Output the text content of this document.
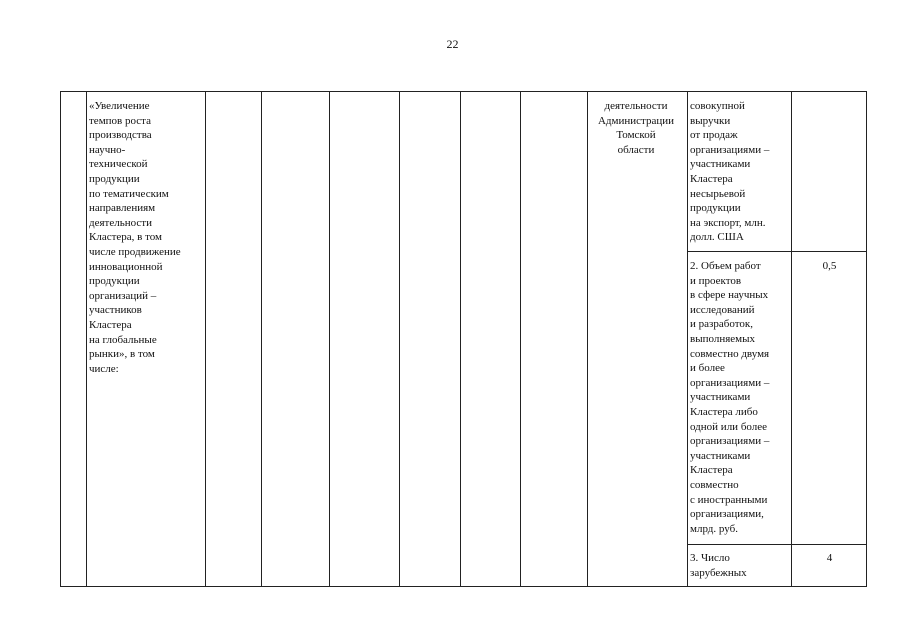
22
«Увеличение
темпов роста
производства
научно-
технической
продукции
по тематическим
направлениям
деятельности
Кластера, в том
числе продвижение
инновационной
продукции
организаций –
участников
Кластера
на глобальные
рынки», в том
числе:
деятельности
Администрации
Томской
области
совокупной
выручки
от продаж
организациями –
участниками
Кластера
несырьевой
продукции
на экспорт, млн.
долл. США
2. Объем работ
и проектов
в сфере научных
исследований
и разработок,
выполняемых
совместно двумя
и более
организациями –
участниками
Кластера либо
одной или более
организациями –
участниками
Кластера
совместно
с иностранными
организациями,
млрд. руб.
0,5
3. Число
зарубежных
4
